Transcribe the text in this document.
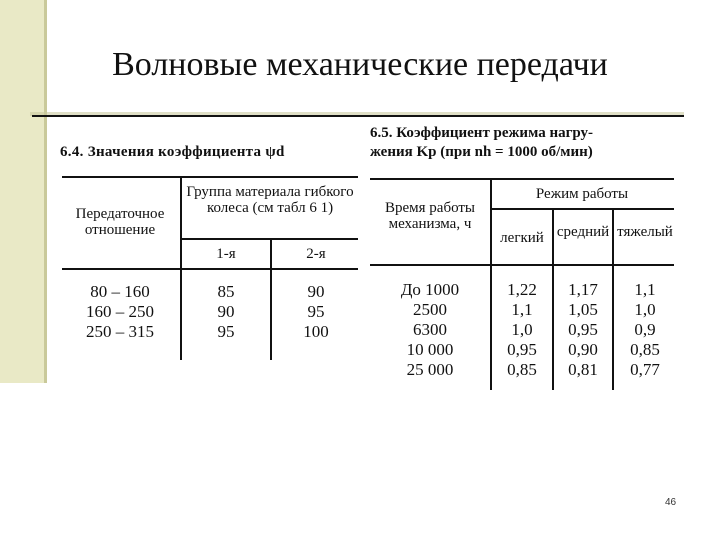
Волновые механические передачи
6.4. Значения коэффициента ψd
Передаточное отношение
Группа материала гибкого колеса (см табл 6 1)
1-я	2-я
80 – 160
160 – 250
250 – 315
85
90
95
90
95
100
6.5. Коэффициент режима нагру-
жения Kp (при nh = 1000 об/мин)
Время работы механизма, ч
Режим работы
легкий средний тяжелый
До 1000
2500
6300
10 000
25 000
1,22
1,1
1,0
0,95
0,85
1,17
1,05
0,95
0,90
0,81
1,1
1,0
0,9
0,85
0,77
46
